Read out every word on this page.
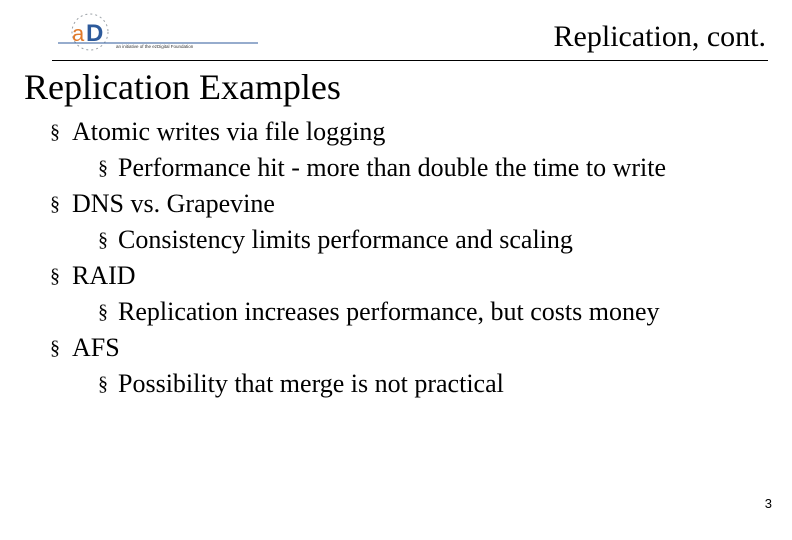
a D	an initiative of the ezDigital Foundation	Replication, cont.
Replication Examples
§ Atomic writes via file logging
§ Performance hit - more than double the time to write
§ DNS vs. Grapevine
§ Consistency limits performance and scaling
§ RAID
§ Replication increases performance, but costs money
§ AFS
§ Possibility that merge is not practical
3
